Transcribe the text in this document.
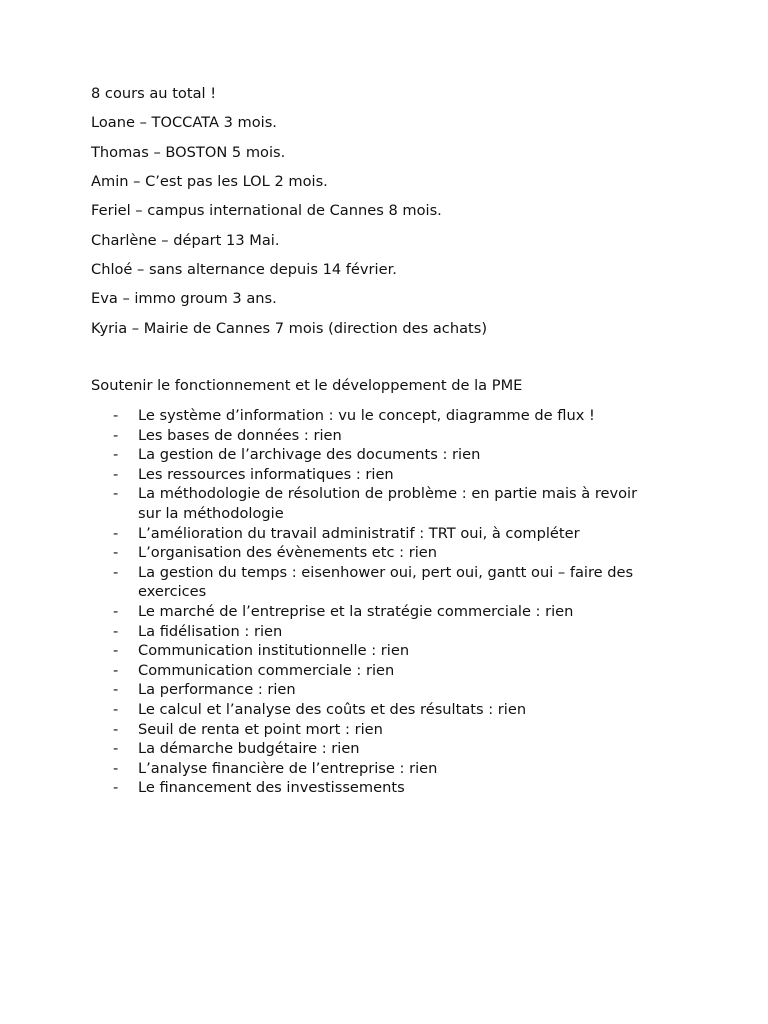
8 cours au total !
Loane – TOCCATA 3 mois.
Thomas – BOSTON 5 mois.
Amin – C’est pas les LOL 2 mois.
Feriel – campus international de Cannes 8 mois.
Charlène – départ 13 Mai.
Chloé – sans alternance depuis 14 février.
Eva – immo groum 3 ans.
Kyria – Mairie de Cannes 7 mois (direction des achats)
Soutenir le fonctionnement et le développement de la PME
- Le système d’information : vu le concept, diagramme de flux !
- Les bases de données : rien
- La gestion de l’archivage des documents : rien
- Les ressources informatiques : rien
- La méthodologie de résolution de problème : en partie mais à revoir
sur la méthodologie
- L’amélioration du travail administratif : TRT oui, à compléter
- L’organisation des évènements etc : rien
- La gestion du temps : eisenhower oui, pert oui, gantt oui – faire des
exercices
- Le marché de l’entreprise et la stratégie commerciale : rien
- La fidélisation : rien
- Communication institutionnelle : rien
- Communication commerciale : rien
- La performance : rien
- Le calcul et l’analyse des coûts et des résultats : rien
- Seuil de renta et point mort : rien
- La démarche budgétaire : rien
- L’analyse financière de l’entreprise : rien
- Le financement des investissements
